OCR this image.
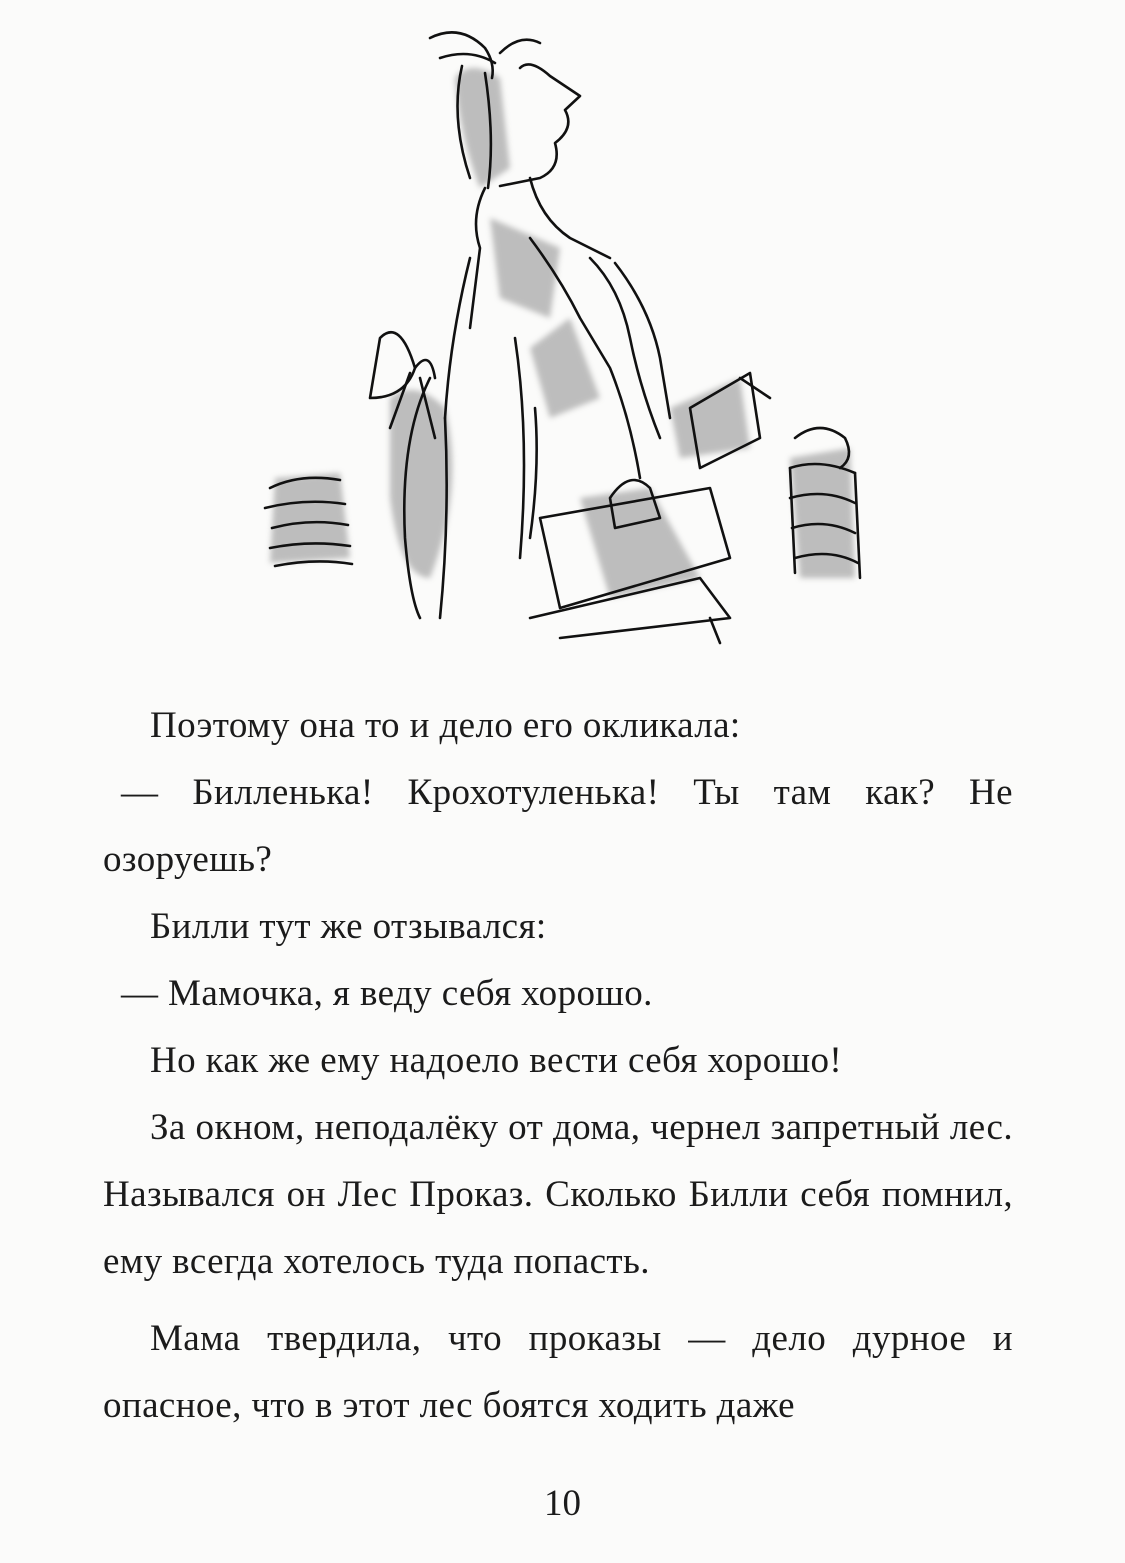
Поэтому она то и дело его окликала:

— Билленька! Крохотуленька! Ты там как? Не озоруешь?

Билли тут же отзывался:

— Мамочка, я веду себя хорошо.

Но как же ему надоело вести себя хорошо!

За окном, неподалёку от дома, чернел запретный лес. Назывался он Лес Проказ. Сколько Билли себя помнил, ему всегда хотелось туда попасть.

Мама твердила, что проказы — дело дурное и опасное, что в этот лес боятся ходить даже

10
